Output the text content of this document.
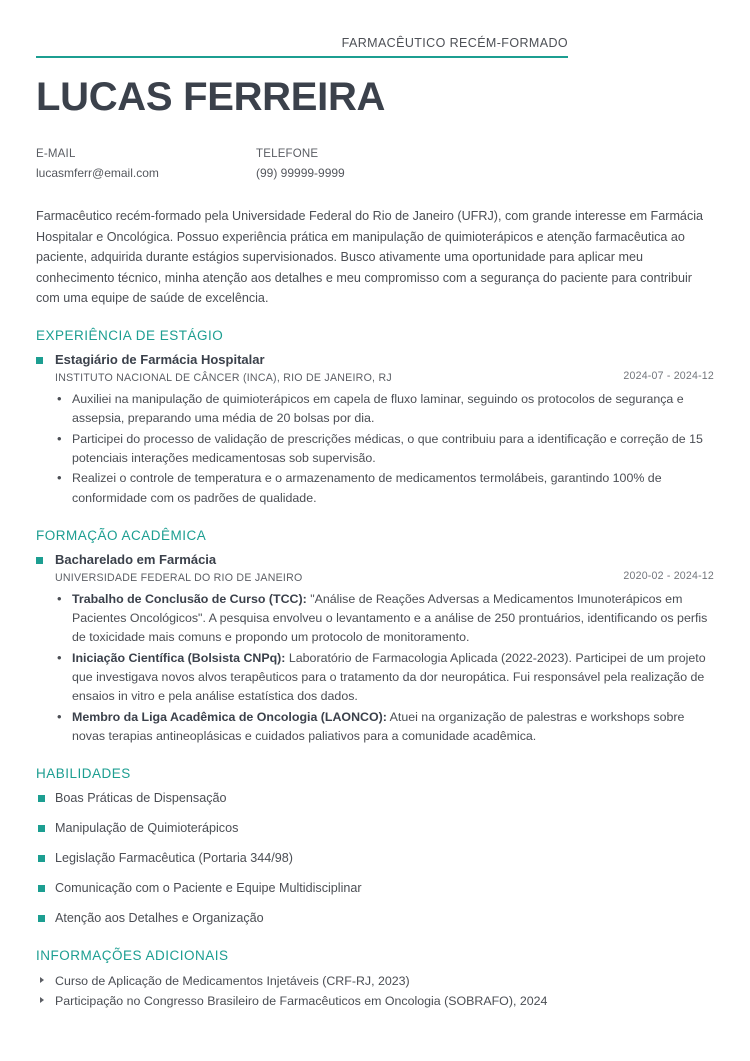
FARMACÊUTICO RECÉM-FORMADO
LUCAS FERREIRA
E-MAIL
lucasmferr@email.com
TELEFONE
(99) 99999-9999
Farmacêutico recém-formado pela Universidade Federal do Rio de Janeiro (UFRJ), com grande interesse em Farmácia Hospitalar e Oncológica. Possuo experiência prática em manipulação de quimioterápicos e atenção farmacêutica ao paciente, adquirida durante estágios supervisionados. Busco ativamente uma oportunidade para aplicar meu conhecimento técnico, minha atenção aos detalhes e meu compromisso com a segurança do paciente para contribuir com uma equipe de saúde de excelência.
EXPERIÊNCIA DE ESTÁGIO
Estagiário de Farmácia Hospitalar
INSTITUTO NACIONAL DE CÂNCER (INCA), RIO DE JANEIRO, RJ	2024-07 - 2024-12
• Auxiliei na manipulação de quimioterápicos em capela de fluxo laminar, seguindo os protocolos de segurança e assepsia, preparando uma média de 20 bolsas por dia.
• Participei do processo de validação de prescrições médicas, o que contribuiu para a identificação e correção de 15 potenciais interações medicamentosas sob supervisão.
• Realizei o controle de temperatura e o armazenamento de medicamentos termolábeis, garantindo 100% de conformidade com os padrões de qualidade.
FORMAÇÃO ACADÊMICA
Bacharelado em Farmácia
UNIVERSIDADE FEDERAL DO RIO DE JANEIRO	2020-02 - 2024-12
• Trabalho de Conclusão de Curso (TCC): "Análise de Reações Adversas a Medicamentos Imunoterápicos em Pacientes Oncológicos". A pesquisa envolveu o levantamento e a análise de 250 prontuários, identificando os perfis de toxicidade mais comuns e propondo um protocolo de monitoramento.
• Iniciação Científica (Bolsista CNPq): Laboratório de Farmacologia Aplicada (2022-2023). Participei de um projeto que investigava novos alvos terapêuticos para o tratamento da dor neuropática. Fui responsável pela realização de ensaios in vitro e pela análise estatística dos dados.
• Membro da Liga Acadêmica de Oncologia (LAONCO): Atuei na organização de palestras e workshops sobre novas terapias antineoplásicas e cuidados paliativos para a comunidade acadêmica.
HABILIDADES
Boas Práticas de Dispensação
Manipulação de Quimioterápicos
Legislação Farmacêutica (Portaria 344/98)
Comunicação com o Paciente e Equipe Multidisciplinar
Atenção aos Detalhes e Organização
INFORMAÇÕES ADICIONAIS
Curso de Aplicação de Medicamentos Injetáveis (CRF-RJ, 2023)
Participação no Congresso Brasileiro de Farmacêuticos em Oncologia (SOBRAFO), 2024
